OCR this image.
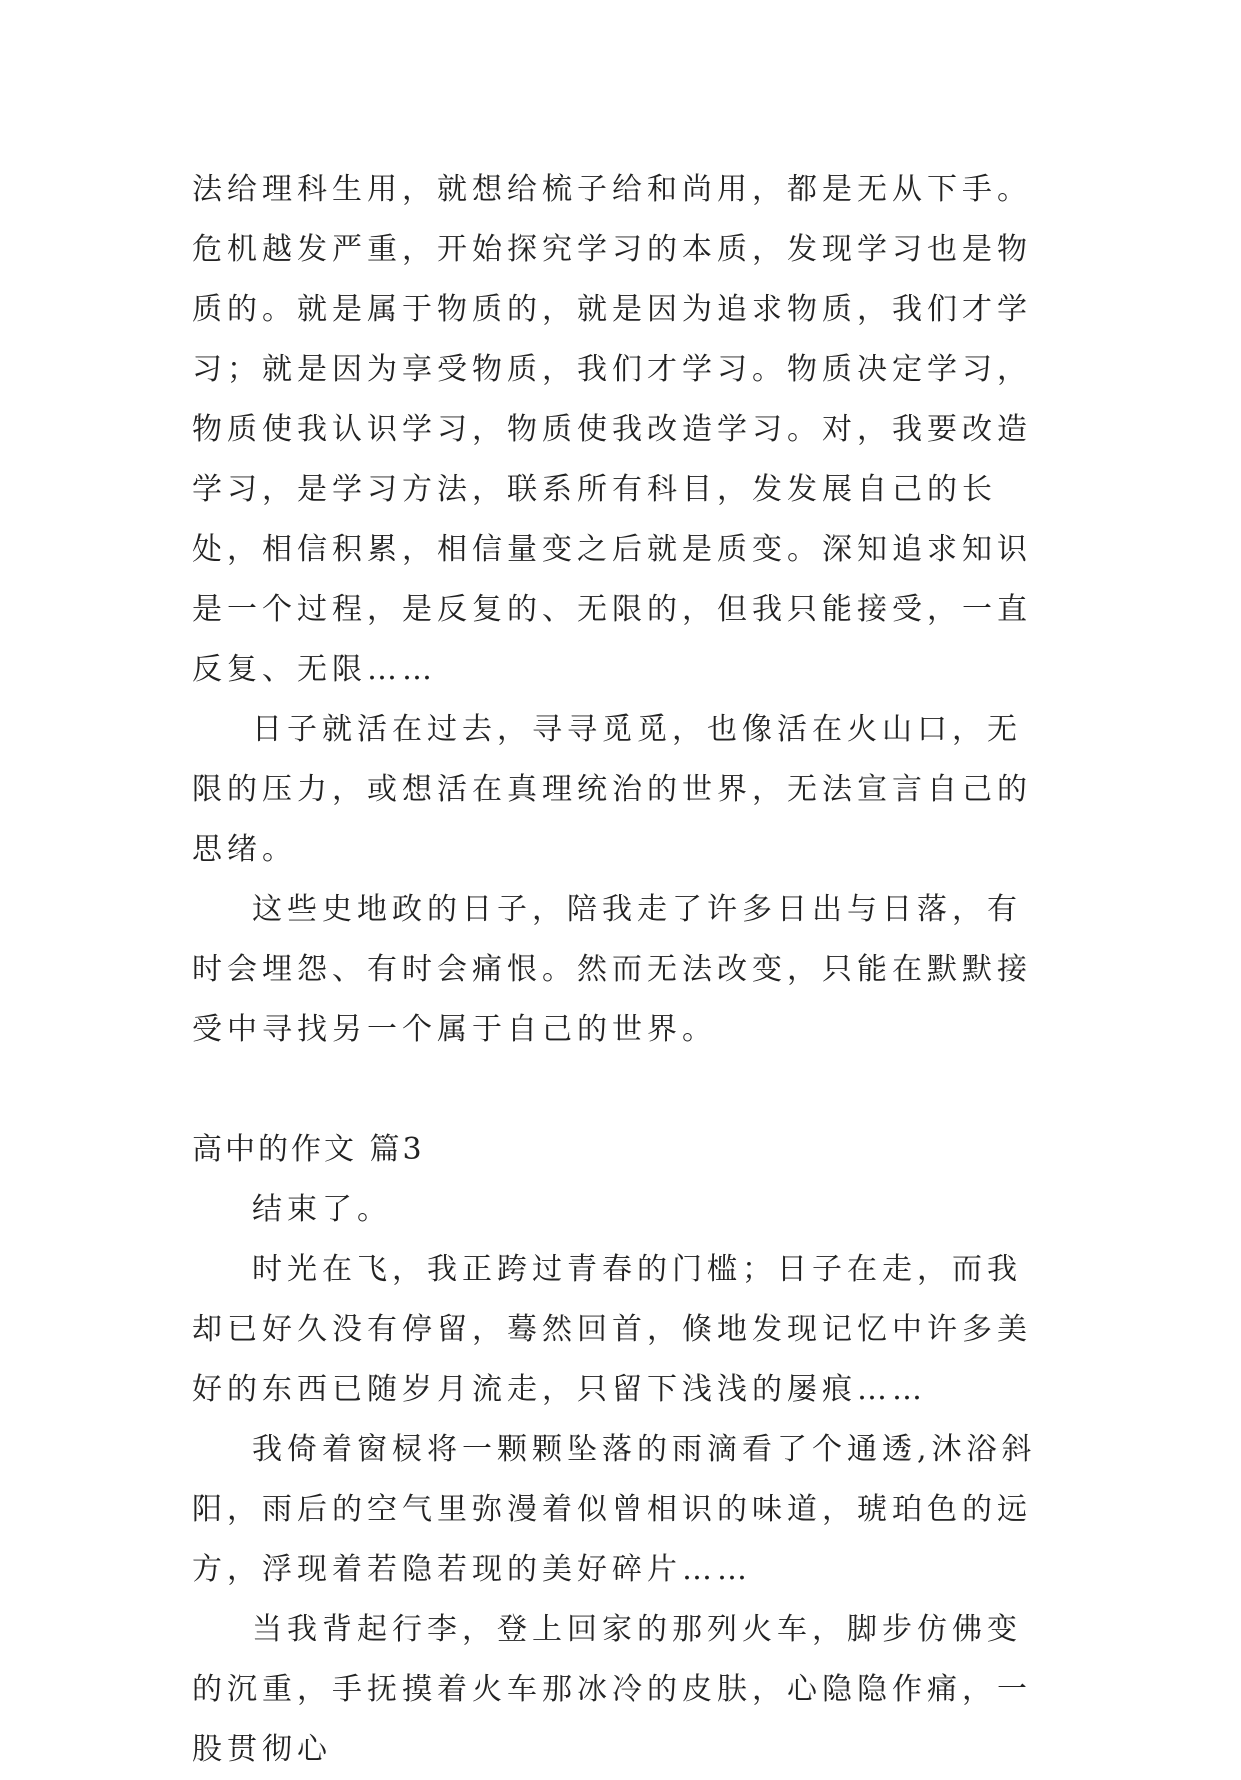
法给理科生用，就想给梳子给和尚用，都是无从下手。危机越发严重，开始探究学习的本质，发现学习也是物质的。就是属于物质的，就是因为追求物质，我们才学习；就是因为享受物质，我们才学习。物质决定学习，物质使我认识学习，物质使我改造学习。对，我要改造学习，是学习方法，联系所有科目，发发展自己的长处，相信积累，相信量变之后就是质变。深知追求知识是一个过程，是反复的、无限的，但我只能接受，一直反复、无限……

日子就活在过去，寻寻觅觅，也像活在火山口，无限的压力，或想活在真理统治的世界，无法宣言自己的思绪。

这些史地政的日子，陪我走了许多日出与日落，有时会埋怨、有时会痛恨。然而无法改变，只能在默默接受中寻找另一个属于自己的世界。

高中的作文 篇3

结束了。

时光在飞，我正跨过青春的门槛；日子在走，而我却已好久没有停留，蓦然回首，倏地发现记忆中许多美好的东西已随岁月流走，只留下浅浅的屡痕……

我倚着窗棂将一颗颗坠落的雨滴看了个通透,沐浴斜阳，雨后的空气里弥漫着似曾相识的味道，琥珀色的远方，浮现着若隐若现的美好碎片……

当我背起行李，登上回家的那列火车，脚步仿佛变的沉重，手抚摸着火车那冰冷的皮肤，心隐隐作痛，一股贯彻心
